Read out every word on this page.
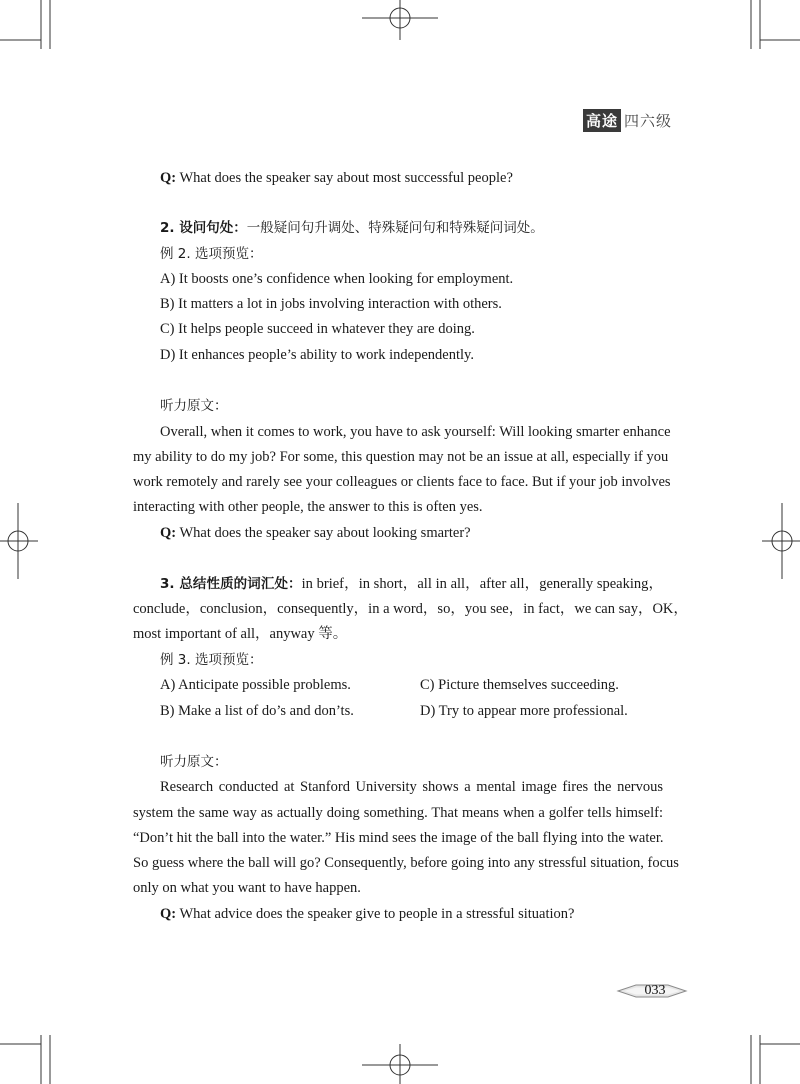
高途 四六级
Q: What does the speaker say about most successful people?
2. 设问句处：一般疑问句升调处、特殊疑问句和特殊疑问词处。
例 2. 选项预览：
A) It boosts one’s confidence when looking for employment.
B) It matters a lot in jobs involving interaction with others.
C) It helps people succeed in whatever they are doing.
D) It enhances people’s ability to work independently.
听力原文：
Overall, when it comes to work, you have to ask yourself: Will looking smarter enhance
my ability to do my job? For some, this question may not be an issue at all, especially if you
work remotely and rarely see your colleagues or clients face to face. But if your job involves
interacting with other people, the answer to this is often yes.
Q: What does the speaker say about looking smarter?
3. 总结性质的词汇处：in brief，in short，all in all，after all，generally speaking，
conclude，conclusion，consequently，in a word，so，you see，in fact，we can say，OK，
most important of all，anyway 等。
例 3. 选项预览：
A) Anticipate possible problems.	C) Picture themselves succeeding.
B) Make a list of do’s and don’ts.	D) Try to appear more professional.
听力原文：
Research conducted at Stanford University shows a mental image fires the nervous
system the same way as actually doing something. That means when a golfer tells himself:
“Don’t hit the ball into the water.” His mind sees the image of the ball flying into the water.
So guess where the ball will go? Consequently, before going into any stressful situation, focus
only on what you want to have happen.
Q: What advice does the speaker give to people in a stressful situation?
033
